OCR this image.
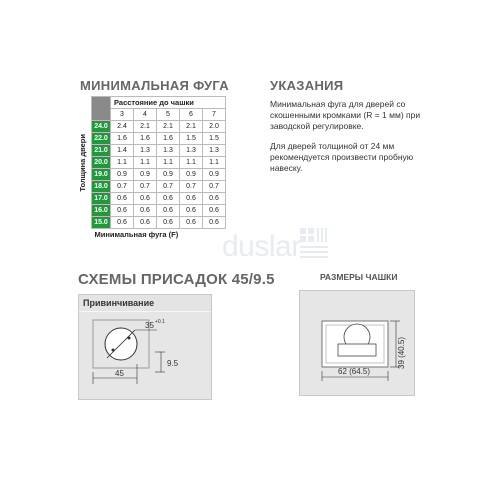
МИНИМАЛЬНАЯ ФУГА
Толщина двери		Расстояние до чашки				
		3	4	5	6	7
	24.0	2.4	2.1	2.1	2.1	2.0
	22.0	1.6	1.6	1.6	1.5	1.5
	21.0	1.4	1.3	1.3	1.3	1.3
	20.0	1.1	1.1	1.1	1.1	1.1
	19.0	0.9	0.9	0.9	0.9	0.9
	18.0	0.7	0.7	0.7	0.7	0.7
	17.0	0.6	0.6	0.6	0.6	0.6
	16.0	0.6	0.6	0.6	0.6	0.6
	15.0	0.6	0.6	0.6	0.6	0.6
	Минимальная фуга (F)					
УКАЗАНИЯ

Минимальная фуга для дверей со скошенными кромками (R = 1 мм) при заводской регулировке.

Для дверей толщиной от 24 мм рекомендуется произвести пробную навеску.

duslar
СХЕМЫ ПРИСАДОК 45/9.5
Привинчивание
45
9.5
35 +0.1
РАЗМЕРЫ ЧАШКИ
39 (40.5)
62 (64.5)
